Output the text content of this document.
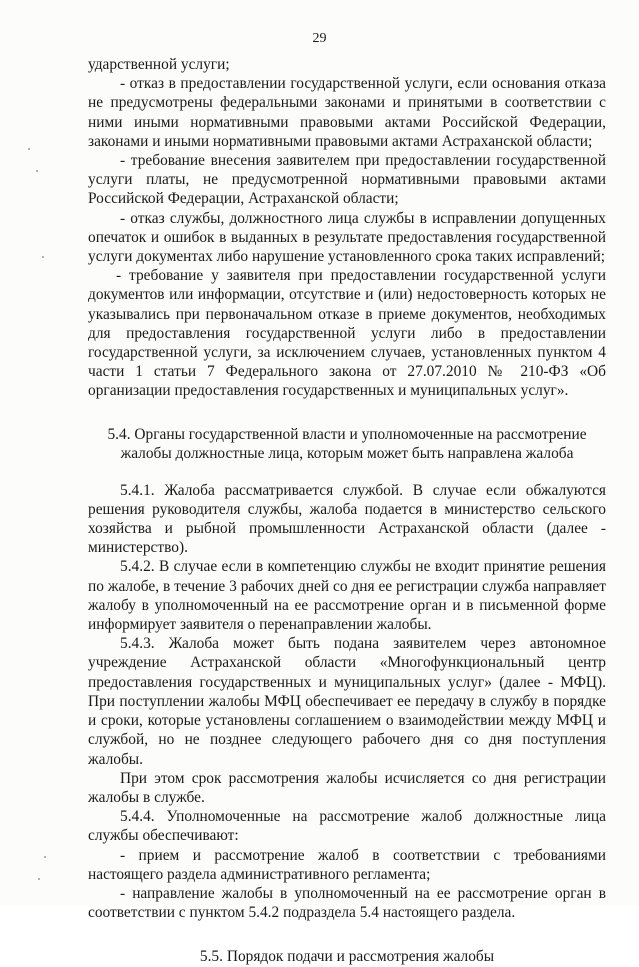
29

ударственной услуги;

- отказ в предоставлении государственной услуги, если основания отказа не предусмотрены федеральными законами и принятыми в соответствии с ними иными нормативными правовыми актами Российской Федерации, законами и иными нормативными правовыми актами Астраханской области;

- требование внесения заявителем при предоставлении государственной услуги платы, не предусмотренной нормативными правовыми актами Российской Федерации, Астраханской области;

- отказ службы, должностного лица службы в исправлении допущенных опечаток и ошибок в выданных в результате предоставления государственной услуги документах либо нарушение установленного срока таких исправлений;

- требование у заявителя при предоставлении государственной услуги документов или информации, отсутствие и (или) недостоверность которых не указывались при первоначальном отказе в приеме документов, необходимых для предоставления государственной услуги либо в предоставлении государственной услуги, за исключением случаев, установленных пунктом 4 части 1 статьи 7 Федерального закона от 27.07.2010 № 210-ФЗ «Об организации предоставления государственных и муниципальных услуг».

5.4. Органы государственной власти и уполномоченные на рассмотрение жалобы должностные лица, которым может быть направлена жалоба

5.4.1. Жалоба рассматривается службой. В случае если обжалуются решения руководителя службы, жалоба подается в министерство сельского хозяйства и рыбной промышленности Астраханской области (далее - министерство).

5.4.2. В случае если в компетенцию службы не входит принятие решения по жалобе, в течение 3 рабочих дней со дня ее регистрации служба направляет жалобу в уполномоченный на ее рассмотрение орган и в письменной форме информирует заявителя о перенаправлении жалобы.

5.4.3. Жалоба может быть подана заявителем через автономное учреждение Астраханской области «Многофункциональный центр предоставления государственных и муниципальных услуг» (далее - МФЦ). При поступлении жалобы МФЦ обеспечивает ее передачу в службу в порядке и сроки, которые установлены соглашением о взаимодействии между МФЦ и службой, но не позднее следующего рабочего дня со дня поступления жалобы.

При этом срок рассмотрения жалобы исчисляется со дня регистрации жалобы в службе.

5.4.4. Уполномоченные на рассмотрение жалоб должностные лица службы обеспечивают:

- прием и рассмотрение жалоб в соответствии с требованиями настоящего раздела административного регламента;

- направление жалобы в уполномоченный на ее рассмотрение орган в соответствии с пунктом 5.4.2 подраздела 5.4 настоящего раздела.

5.5. Порядок подачи и рассмотрения жалобы
